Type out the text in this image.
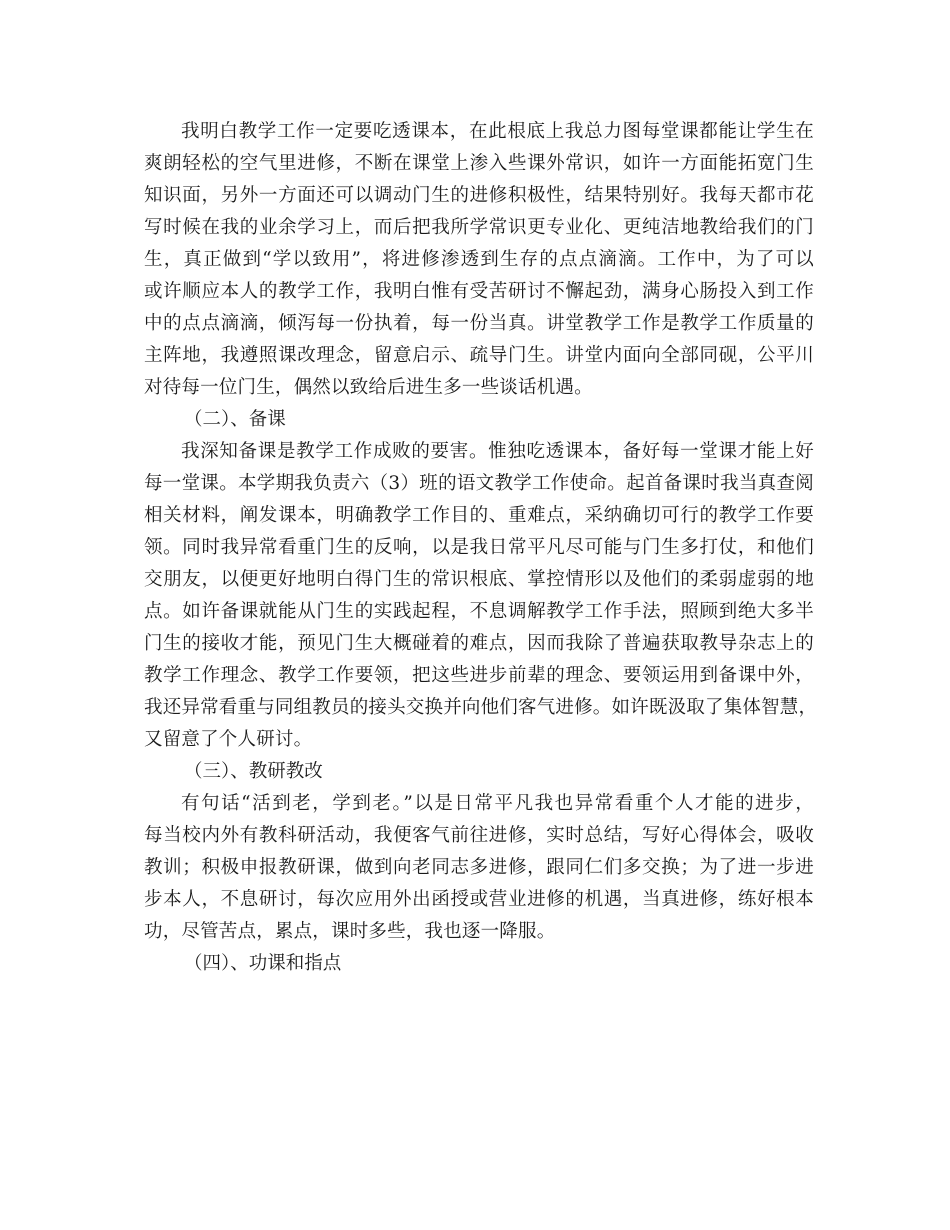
我明白教学工作一定要吃透课本，在此根底上我总力图每堂课都能让学生在
爽朗轻松的空气里进修，不断在课堂上渗入些课外常识，如许一方面能拓宽门生
知识面，另外一方面还可以调动门生的进修积极性，结果特别好。我每天都市花
写时候在我的业余学习上，而后把我所学常识更专业化、更纯洁地教给我们的门
生，真正做到“学以致用”，将进修渗透到生存的点点滴滴。工作中，为了可以
或许顺应本人的教学工作，我明白惟有受苦研讨不懈起劲，满身心肠投入到工作
中的点点滴滴，倾泻每一份执着，每一份当真。讲堂教学工作是教学工作质量的
主阵地，我遵照课改理念，留意启示、疏导门生。讲堂内面向全部同砚，公平川
对待每一位门生，偶然以致给后进生多一些谈话机遇。
（二）、备课
我深知备课是教学工作成败的要害。惟独吃透课本，备好每一堂课才能上好
每一堂课。本学期我负责六（3）班的语文教学工作使命。起首备课时我当真查阅
相关材料，阐发课本，明确教学工作目的、重难点，采纳确切可行的教学工作要
领。同时我异常看重门生的反响，以是我日常平凡尽可能与门生多打仗，和他们
交朋友，以便更好地明白得门生的常识根底、掌控情形以及他们的柔弱虚弱的地
点。如许备课就能从门生的实践起程，不息调解教学工作手法，照顾到绝大多半
门生的接收才能，预见门生大概碰着的难点，因而我除了普遍获取教导杂志上的
教学工作理念、教学工作要领，把这些进步前辈的理念、要领运用到备课中外，
我还异常看重与同组教员的接头交换并向他们客气进修。如许既汲取了集体智慧，
又留意了个人研讨。
（三）、教研教改
有句话“活到老，学到老。”以是日常平凡我也异常看重个人才能的进步，
每当校内外有教科研活动，我便客气前往进修，实时总结，写好心得体会，吸收
教训；积极申报教研课，做到向老同志多进修，跟同仁们多交换；为了进一步进
步本人，不息研讨，每次应用外出函授或营业进修的机遇，当真进修，练好根本
功，尽管苦点，累点，课时多些，我也逐一降服。
（四）、功课和指点
